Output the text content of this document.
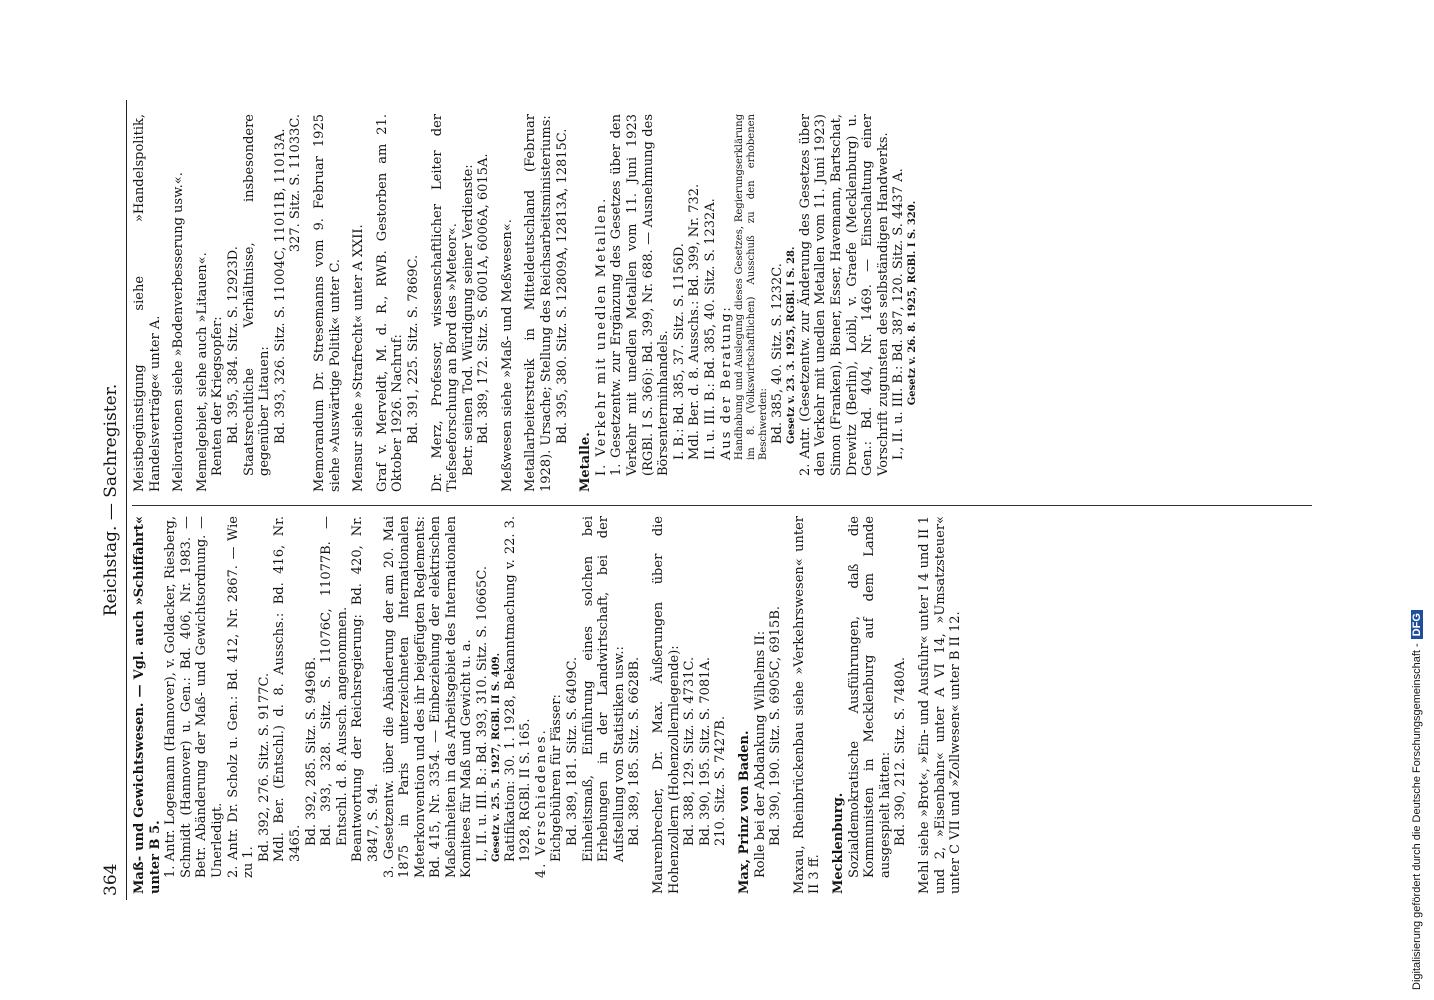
364
Reichstag. — Sachregister.
Maß- und Gewichtswesen. — Vgl. auch »Schiffahrt« unter B 5. 1. Antr. Logemann (Hannover), v. Goldacker, Riesberg, Schmidt (Hannover) u. Gen.: Bd. 406, Nr. 1983. — Betr. Abänderung der Maß- und Gewichtsordnung. — Unerledigt. 2. Antr. Dr. Scholz u. Gen.: Bd. 412, Nr. 2867. — Wie zu 1.
Bd. 392, 276. Sitz. S. 9177C. Mdl. Ber. (Entschl.) d. 8. Ausschs.: Bd. 416, Nr. 3465. Bd. 392, 285. Sitz. S. 9496B. Bd. 393, 328. Sitz. S. 11076C, 11077B. — Entschl. d. 8. Aussch. angenommen. Beantwortung der Reichsregierung: Bd. 420, Nr. 3847, S. 94. 3. Gesetzentw. über die Abänderung der am 20. Mai 1875 in Paris unterzeichneten Internationalen Meterkonvention und des ihr beigefügten Reglements: Bd. 415, Nr. 3354. — Einbeziehung der elektrischen Maßeinheiten in das Arbeitsgebiet des Internationalen Komitees für Maß und Gewicht u. a. I., II. u. III. B.: Bd. 393, 310. Sitz. S. 10665C. Gesetz v. 25. 5. 1927, RGBl. II S. 409. Ratifikation: 30. 1. 1928, Bekanntmachung v. 22. 3. 1928, RGBl. II S. 165. 4. Verschiedenes. Eichgebühren für Fässer: Bd. 389, 181. Sitz. S. 6409C. Einheitsmaß, Einführung eines solchen bei Erhebungen in der Landwirtschaft, bei der Aufstellung von Statistiken usw.: Bd. 389, 185. Sitz. S. 6628B. Maurenbrecher, Dr. Max. Äußerungen über die Hohenzollern (Hohenzollernlegende): Bd. 388, 129. Sitz. S. 4731C. Bd. 390, 195. Sitz. S. 7081A. 210. Sitz. S. 7427B. Max, Prinz von Baden. Rolle bei der Abdankung Wilhelms II: Bd. 390, 190. Sitz. S. 6905C, 6915B. Maxau, Rheinbrückenbau siehe »Verkehrswesen« unter II 3 ff. Mecklenburg. Sozialdemokratische Ausführungen, daß die Kommunisten in Mecklenburg auf dem Lande ausgespielt hätten: Bd. 390, 212. Sitz. S. 7480A. Mehl siehe »Brot«, »Ein- und Ausfuhr« unter I 4 und II 1 und 2, »Eisenbahn« unter A VI 14, »Umsatzsteuer« unter C VII und »Zollwesen« unter B II 12.
Meistbegünstigung siehe »Handelspolitik, Handelsverträge« unter A. Meliorationen siehe »Bodenverbesserung usw.«. Memelgebiet, siehe auch »Litauen«. Renten der Kriegsopfer: Bd. 395, 384. Sitz. S. 12923D. Staatsrechtliche Verhältnisse, insbesondere gegenüber Litauen: Bd. 393, 326. Sitz. S. 11004C, 11011B, 11013A. 327. Sitz. S. 11033C. Memorandum Dr. Stresemanns vom 9. Februar 1925 siehe »Auswärtige Politik« unter C. Mensur siehe »Strafrecht« unter A XXII. Graf v. Merveldt, M. d. R., RWB. Gestorben am 21. Oktober 1926. Nachruf: Bd. 391, 225. Sitz. S. 7869C. Dr. Merz, Professor, wissenschaftlicher Leiter der Tiefseeforschung an Bord des »Meteor«. Betr. seinen Tod. Würdigung seiner Verdienste: Bd. 389, 172. Sitz. S. 6001A, 6006A, 6015A. Meßwesen siehe »Maß- und Meßwesen«. Metallarbeiterstreik in Mitteldeutschland (Februar 1928). Ursache; Stellung des Reichsarbeitsministeriums: Bd. 395, 380. Sitz. S. 12809A, 12813A, 12815C.
Metalle. I. Verkehr mit unedlen Metallen. 1. Gesetzentw. zur Ergänzung des Gesetzes über den Verkehr mit unedlen Metallen vom 11. Juni 1923 (RGBl. I S. 366): Bd. 399, Nr. 688. — Ausnehmung des Börsenterminhandels. I. B.: Bd. 385, 37. Sitz. S. 1156D. Mdl. Ber. d. 8. Ausschs.: Bd. 399, Nr. 732. II. u. III. B.: Bd. 385, 40. Sitz. S. 1232A. Aus der Beratung: Handhabung und Auslegung dieses Gesetzes, Regierungserklärung im 8. (Volkswirtschaftlichen) Ausschuß zu den erhobenen Beschwerden: Bd. 385, 40. Sitz. S. 1232C. Gesetz v. 23. 3. 1925, RGBl. I S. 28. 2. Antr. (Gesetzentw. zur Änderung des Gesetzes über den Verkehr mit unedlen Metallen vom 11. Juni 1923) Simon (Franken), Biener, Esser, Havemann, Bartschat, Drewitz (Berlin), Loibl, v. Graefe (Mecklenburg) u. Gen.: Bd. 404, Nr. 1469. — Einschaltung einer Vorschrift zugunsten des selbständigen Handwerks. I., II. u. III. B.: Bd. 387, 120. Sitz. S. 4437 A. Gesetz v. 26. 8. 1925, RGBl. I S. 320.
Digitalisierung gefördert durch die Deutsche Forschungsgemeinschaft -DFG
